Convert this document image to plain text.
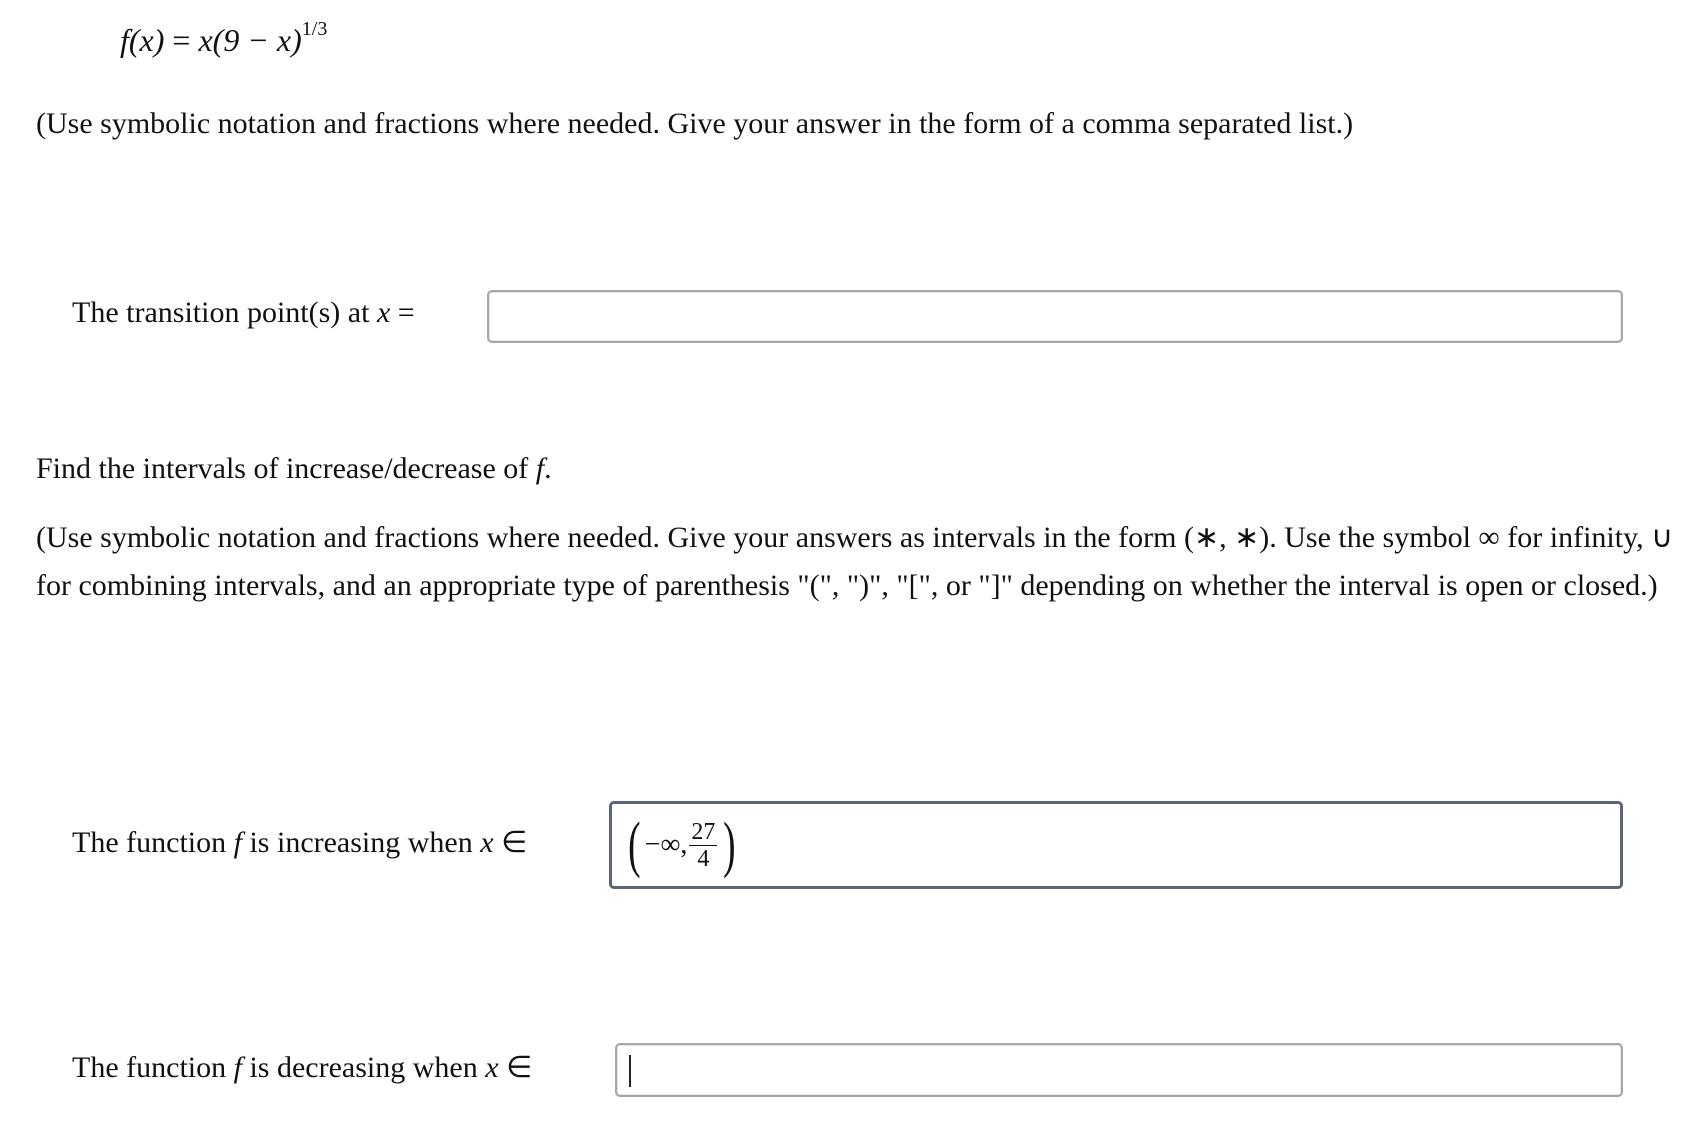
$f(x) = x(9 - x)^{1/3}$
(Use symbolic notation and fractions where needed. Give your answer in the form of a comma separated list.)
The transition point(s) at x =
Find the intervals of increase/decrease of f.
(Use symbolic notation and fractions where needed. Give your answers as intervals in the form (∗, ∗). Use the symbol ∞ for infinity, ∪ for combining intervals, and an appropriate type of parenthesis "(", ")", "[", or "]" depending on whether the interval is open or closed.)
The function f is increasing when x ∈ ( −∞, $\frac{27}{4}$ )
The function f is decreasing when x ∈
